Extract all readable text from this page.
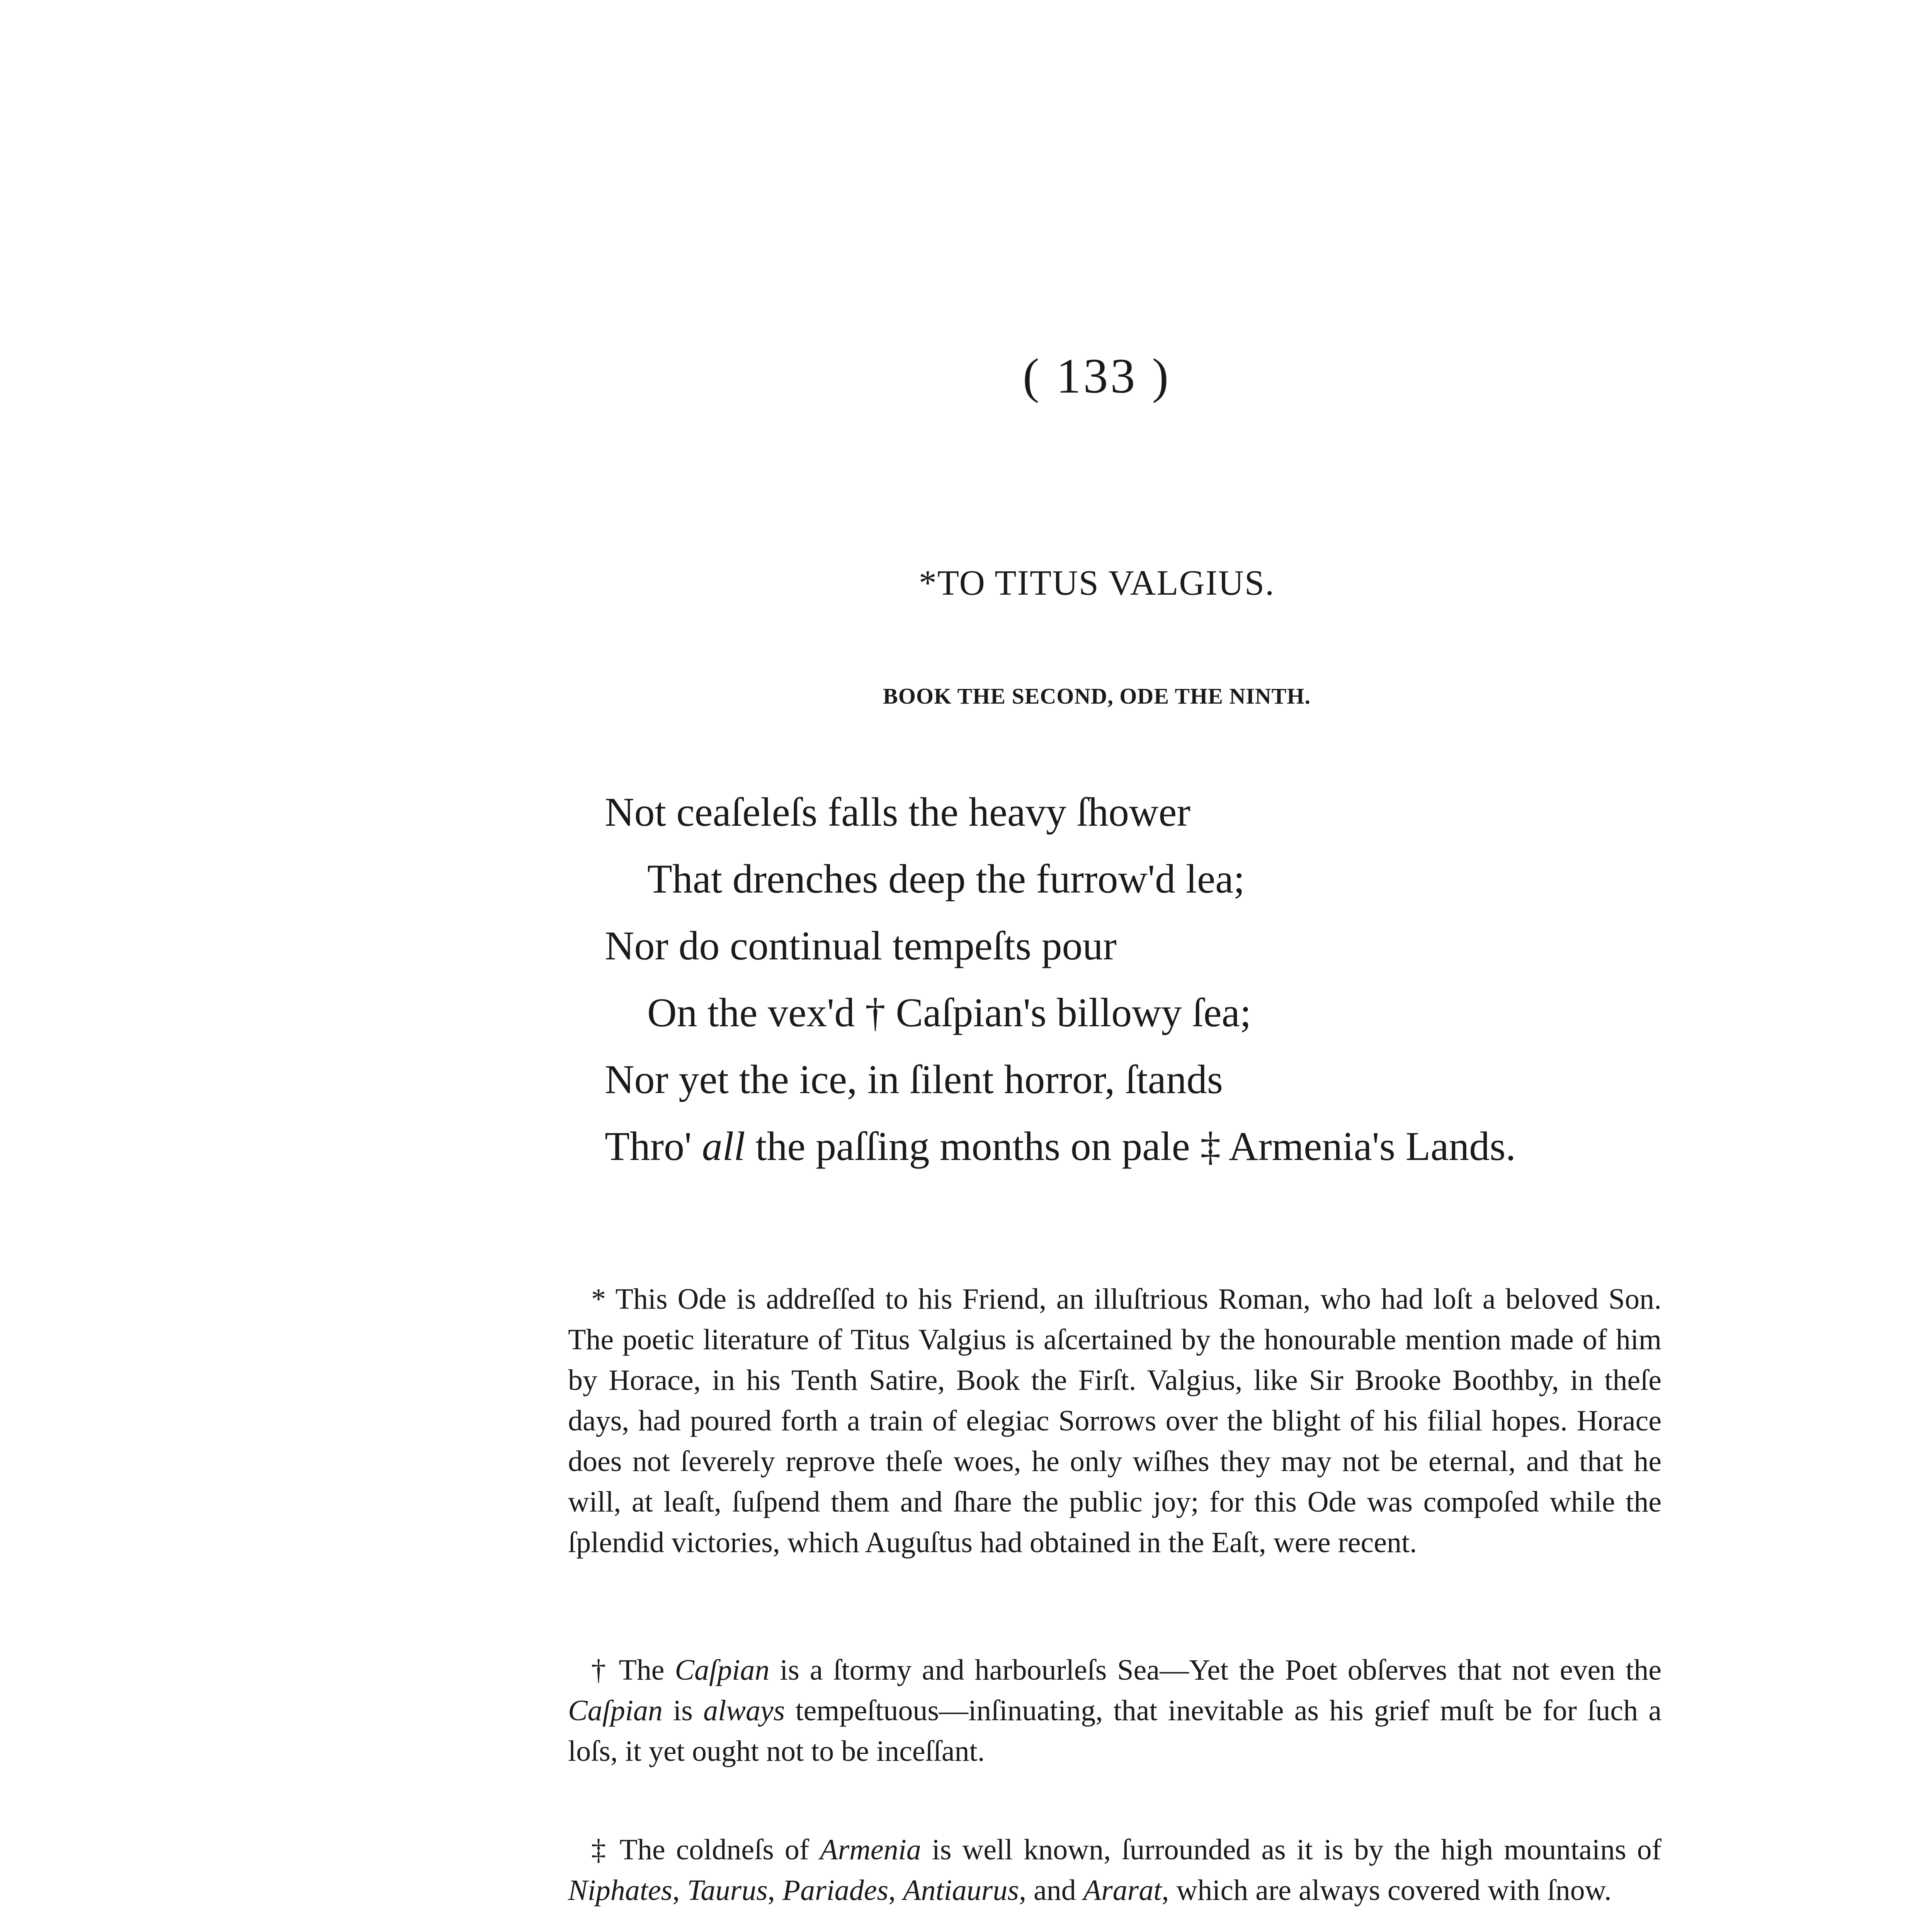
( 133 )
*TO TITUS VALGIUS.
BOOK THE SECOND, ODE THE NINTH.
Not ceaſeleſs falls the heavy ſhower
That drenches deep the furrow'd lea;
Nor do continual tempeſts pour
On the vex'd † Caſpian's billowy ſea;
Nor yet the ice, in ſilent horror, ſtands
Thro' all the paſſing months on pale ‡ Armenia's Lands.

* This Ode is addreſſed to his Friend, an illuſtrious Roman, who had loſt a beloved Son. The poetic literature of Titus Valgius is aſcertained by the honourable mention made of him by Horace, in his Tenth Satire, Book the Firſt. Valgius, like Sir Brooke Boothby, in theſe days, had poured forth a train of elegiac Sorrows over the blight of his filial hopes. Horace does not ſeverely reprove theſe woes, he only wiſhes they may not be eternal, and that he will, at leaſt, ſuſpend them and ſhare the public joy; for this Ode was compoſed while the ſplendid victories, which Auguſtus had obtained in the Eaſt, were recent.

† The Caſpian is a ſtormy and harbourleſs Sea—Yet the Poet obſerves that not even the Caſpian is always tempeſtuous—inſinuating, that inevitable as his grief muſt be for ſuch a loſs, it yet ought not to be inceſſant.

‡ The coldneſs of Armenia is well known, ſurrounded as it is by the high mountains of Niphates, Taurus, Pariades, Antiaurus, and Ararat, which are always covered with ſnow.
